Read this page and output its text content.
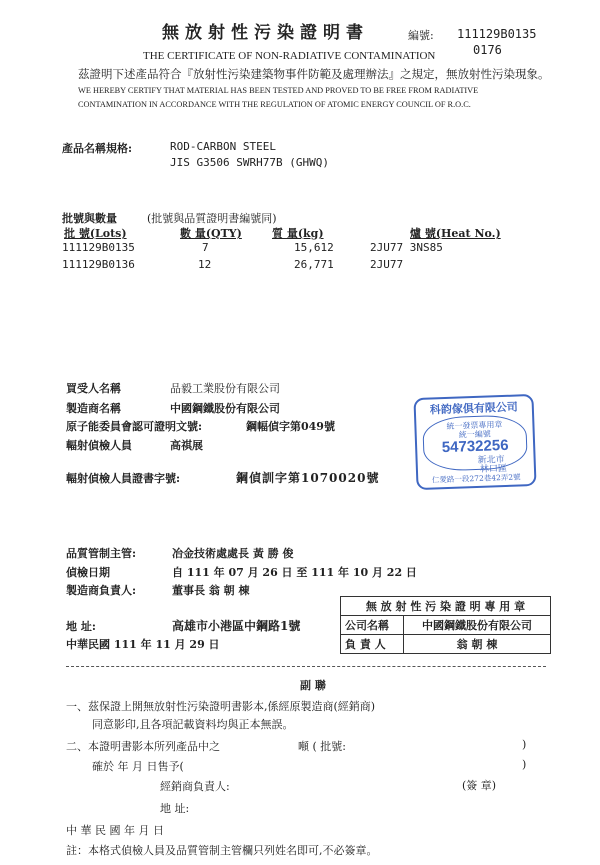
無放射性污染證明書	編號: 111129B0135
0176
THE CERTIFICATE OF NON-RADIATIVE CONTAMINATION
茲證明下述產品符合『放射性污染建築物事件防範及處理辦法』之規定，無放射性污染現象。
WE HEREBY CERTIFY THAT MATERIAL HAS BEEN TESTED AND PROVED TO BE FREE FROM RADIATIVE
CONTAMINATION IN ACCORDANCE WITH THE REGULATION OF ATOMIC ENERGY COUNCIL OF R.O.C.
產品名稱規格:	ROD-CARBON STEEL
JIS G3506 SWRH77B (GHWQ)
批號與數量	(批號與品質證明書編號同)
批 號(Lots)	數 量(QTY)	質 量(kg)	爐 號(Heat No.)
111129B0135	7	15,612	2JU77 3NS85
111129B0136	12	26,771	2JU77
買受人名稱	品毅工業股份有限公司
製造商名稱	中國鋼鐵股份有限公司
原子能委員會認可證明文號:	鋼幅偵字第049號
輻射偵檢人員	高祺展
輻射偵檢人員證書字號:	鋼偵訓字第1070020號
科韵傢俱有限公司
統一發票專用章
統一編號
54732256
新北市
林口區
仁愛路一段272巷42弄2號
品質管制主管:	冶金技術處處長 黃 勝 俊
偵檢日期	自 111 年 07 月 26 日 至 111 年 10 月 22 日
製造商負責人:	董事長 翁 朝 棟
地 址:	高雄市小港區中鋼路1號
中華民國 111 年 11 月 29 日
無 放 射 性 污 染 證 明 專 用 章	
公司名稱	中國鋼鐵股份有限公司
負 責 人	翁 朝 棟
副 聯
一、茲保證上開無放射性污染證明書影本,係經原製造商(經銷商)
同意影印,且各項記載資料均與正本無誤。
二、本證明書影本所列產品中之	噸 ( 批號:	)
確於 年 月 日售予(	)
經銷商負責人:	(簽 章)
地 址:
中 華 民 國 年 月 日
註：本格式偵檢人員及品質管制主管欄只列姓名即可,不必簽章。
